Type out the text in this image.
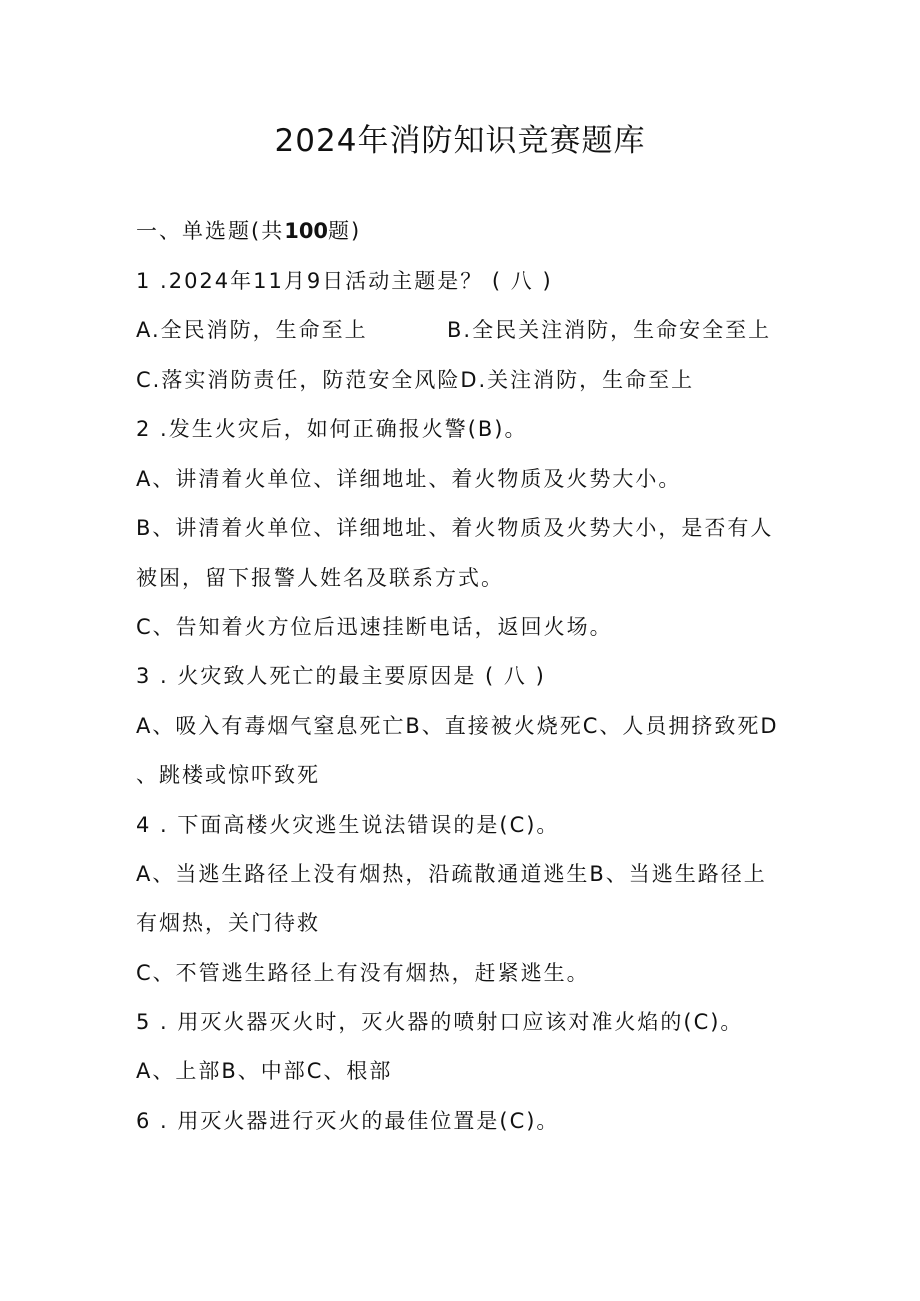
2024年消防知识竞赛题库
一、单选题(共100题)
1 .2024年11月9日活动主题是？ ( 八 )
A.全民消防，生命至上	B.全民关注消防，生命安全至上
C.落实消防责任，防范安全风险D.关注消防，生命至上
2 .发生火灾后，如何正确报火警(B)。
A、讲清着火单位、详细地址、着火物质及火势大小。
B、讲清着火单位、详细地址、着火物质及火势大小，是否有人
被困，留下报警人姓名及联系方式。
C、告知着火方位后迅速挂断电话，返回火场。
3 . 火灾致人死亡的最主要原因是 ( 八 )
A、吸入有毒烟气窒息死亡B、直接被火烧死C、人员拥挤致死D
、跳楼或惊吓致死
4 . 下面高楼火灾逃生说法错误的是(C)。
A、当逃生路径上没有烟热，沿疏散通道逃生B、当逃生路径上
有烟热，关门待救
C、不管逃生路径上有没有烟热，赶紧逃生。
5 . 用灭火器灭火时，灭火器的喷射口应该对准火焰的(C)。
A、上部B、中部C、根部
6 . 用灭火器进行灭火的最佳位置是(C)。
